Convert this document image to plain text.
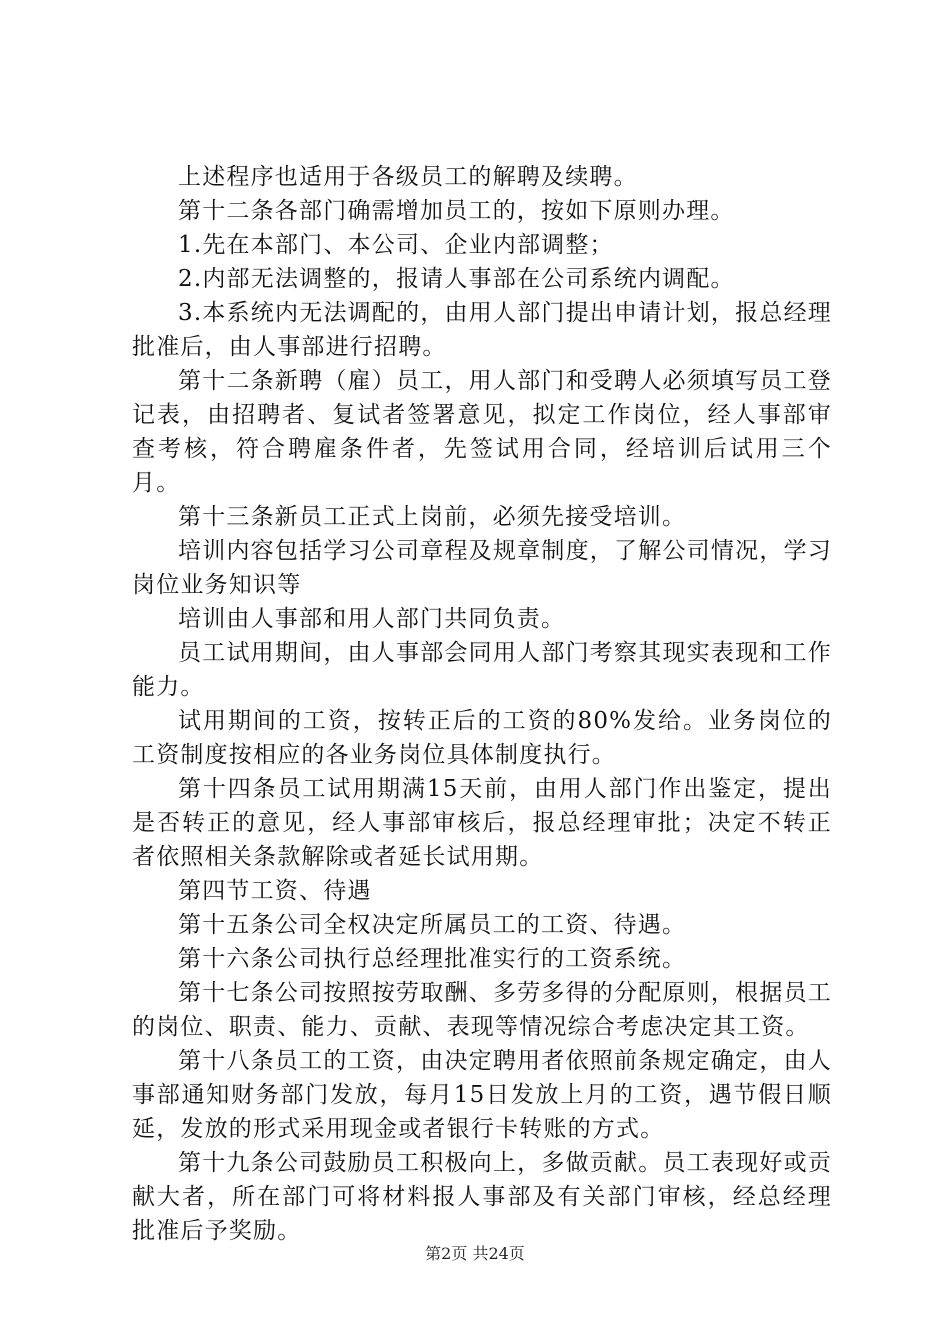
上述程序也适用于各级员工的解聘及续聘。

第十二条各部门确需增加员工的，按如下原则办理。

1.先在本部门、本公司、企业内部调整；

2.内部无法调整的，报请人事部在公司系统内调配。

3.本系统内无法调配的，由用人部门提出申请计划，报总经理批准后，由人事部进行招聘。

第十二条新聘（雇）员工，用人部门和受聘人必须填写员工登记表，由招聘者、复试者签署意见，拟定工作岗位，经人事部审查考核，符合聘雇条件者，先签试用合同，经培训后试用三个月。

第十三条新员工正式上岗前，必须先接受培训。

培训内容包括学习公司章程及规章制度，了解公司情况，学习岗位业务知识等

培训由人事部和用人部门共同负责。

员工试用期间，由人事部会同用人部门考察其现实表现和工作能力。

试用期间的工资，按转正后的工资的80%发给。业务岗位的工资制度按相应的各业务岗位具体制度执行。

第十四条员工试用期满15天前，由用人部门作出鉴定，提出是否转正的意见，经人事部审核后，报总经理审批；决定不转正者依照相关条款解除或者延长试用期。

第四节工资、待遇

第十五条公司全权决定所属员工的工资、待遇。

第十六条公司执行总经理批准实行的工资系统。

第十七条公司按照按劳取酬、多劳多得的分配原则，根据员工的岗位、职责、能力、贡献、表现等情况综合考虑决定其工资。

第十八条员工的工资，由决定聘用者依照前条规定确定，由人事部通知财务部门发放，每月15日发放上月的工资，遇节假日顺延，发放的形式采用现金或者银行卡转账的方式。

第十九条公司鼓励员工积极向上，多做贡献。员工表现好或贡献大者，所在部门可将材料报人事部及有关部门审核，经总经理批准后予奖励。

第2页 共24页
